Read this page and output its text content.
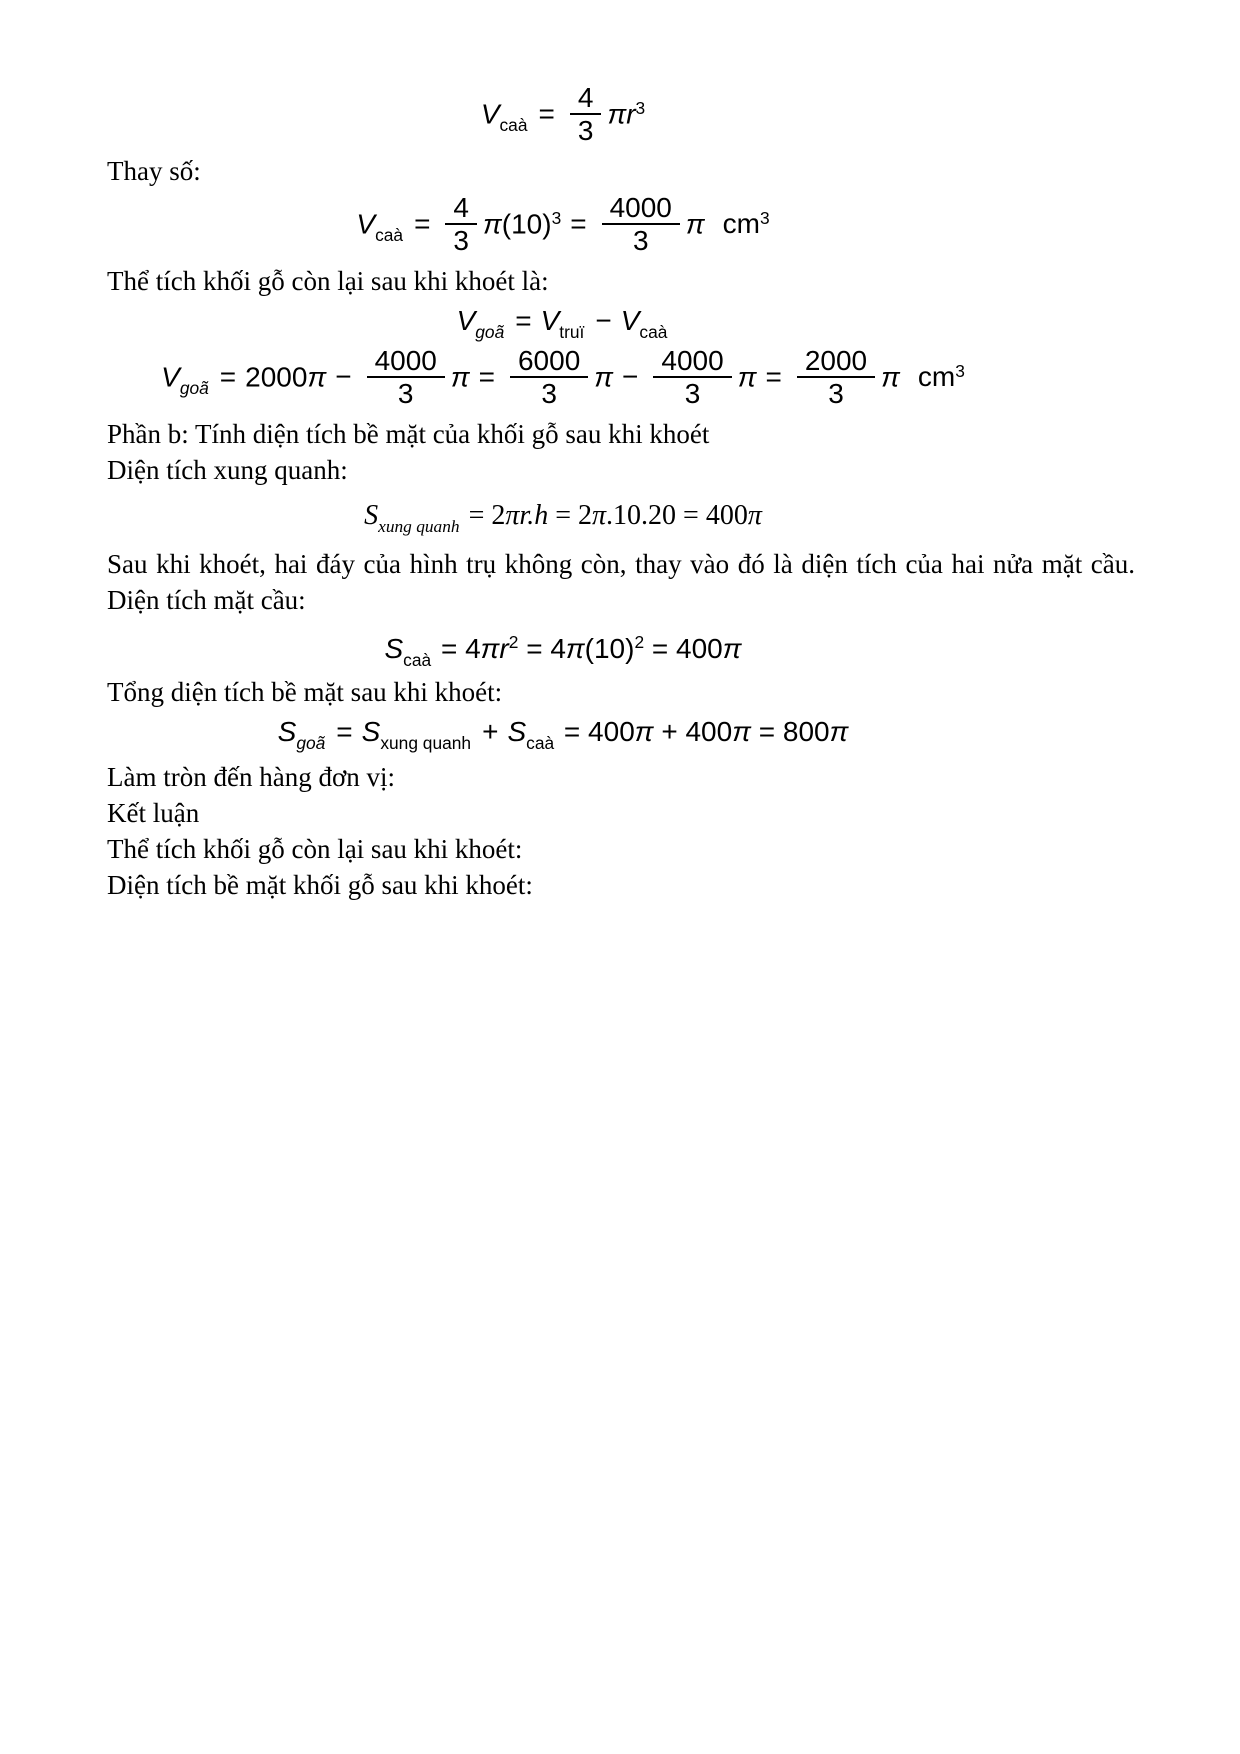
$V_{caà} = \frac{4}{3} \pi r^3$
Thay số:
$V_{caà} = \frac{4}{3} \pi(10)^3 = \frac{4000}{3}$ π $cm^3$
Thể tích khối gỗ còn lại sau khi khoét là:
$V_{goã} = V_{truï} - V_{caà}$
$V_{goã} = 2000\pi - \frac{4000}{3}$ $\pi = \frac{6000}{3}$ $\pi - \frac{4000}{3}$ $\pi = \frac{2000}{3}$ π $cm^3$
Phần b: Tính diện tích bề mặt của khối gỗ sau khi khoét
Diện tích xung quanh:
$S_{xung quanh} = 2\pi r.h = 2\pi.10.20 = 400\pi$
Sau khi khoét, hai đáy của hình trụ không còn, thay vào đó là diện tích của hai nửa mặt cầu. Diện tích mặt cầu:
$S_{caà} = 4\pi r^2 = 4\pi(10)^2 = 400\pi$
Tổng diện tích bề mặt sau khi khoét:
$S_{goã} = S_{xung quanh} + S_{caà} = 400\pi + 400\pi = 800\pi$
Làm tròn đến hàng đơn vị:
Kết luận
Thể tích khối gỗ còn lại sau khi khoét:
Diện tích bề mặt khối gỗ sau khi khoét:
